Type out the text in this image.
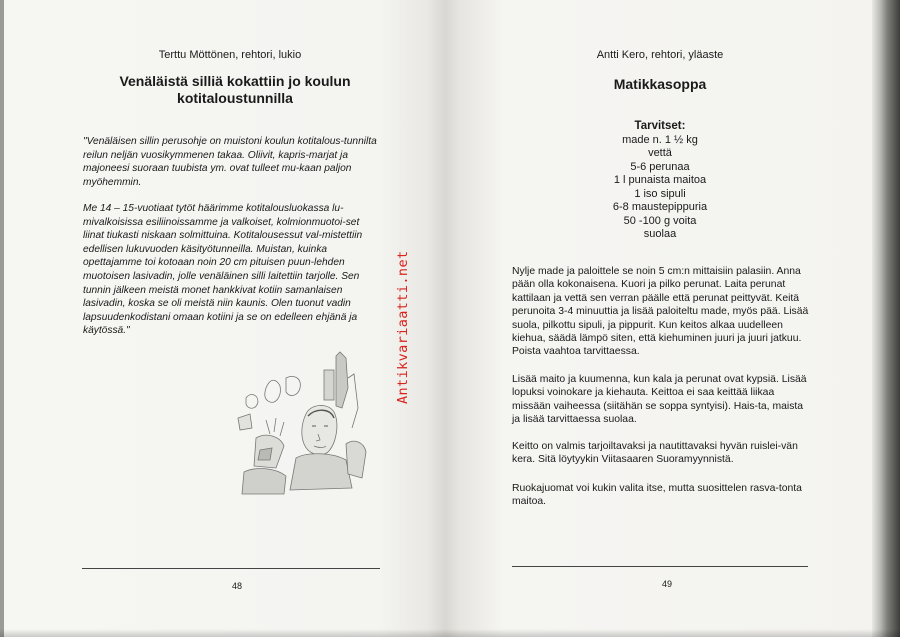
Terttu Möttönen, rehtori, lukio
Venäläistä silliä kokattiin jo koulun
kotitaloustunnilla

"Venäläisen sillin perusohje on muistoni koulun kotitalous-tunnilta reilun neljän vuosikymmenen takaa. Oliivit, kapris-marjat ja majoneesi suoraan tuubista ym. ovat tulleet mu-kaan paljon myöhemmin.

Me 14 – 15-vuotiaat tytöt häärimme kotitalousluokassa lu-mivalkoisissa esiliinoissamme ja valkoiset, kolmionmuotoi-set liinat tiukasti niskaan solmittuina. Kotitalousessut val-mistettiin edellisen lukuvuoden käsityötunneilla. Muistan, kuinka opettajamme toi kotoaan noin 20 cm pituisen puun-lehden muotoisen lasivadin, jolle venäläinen silli laitettiin tarjolle. Sen tunnin jälkeen meistä monet hankkivat kotiin samanlaisen lasivadin, koska se oli meistä niin kaunis. Olen tuonut vadin lapsuudenkodistani omaan kotiini ja se on edelleen ehjänä ja käytössä."

48
Antikvariaatti.net
Antti Kero, rehtori, yläaste
Matikkasoppa
Tarvitset:
made n. 1 ½ kg
vettä
5-6 perunaa
1 l punaista maitoa
1 iso sipuli
6-8 maustepippuria
50 -100 g voita
suolaa

Nylje made ja paloittele se noin 5 cm:n mittaisiin palasiin. Anna pään olla kokonaisena. Kuori ja pilko perunat. Laita perunat kattilaan ja vettä sen verran päälle että perunat peittyvät. Keitä perunoita 3-4 minuuttia ja lisää paloiteltu made, myös pää. Lisää suola, pilkottu sipuli, ja pippurit. Kun keitos alkaa uudelleen kiehua, säädä lämpö siten, että kiehuminen juuri ja juuri jatkuu. Poista vaahtoa tarvittaessa.

Lisää maito ja kuumenna, kun kala ja perunat ovat kypsiä. Lisää lopuksi voinokare ja kiehauta. Keittoa ei saa keittää liikaa missään vaiheessa (siitähän se soppa syntyisi). Hais-ta, maista ja lisää tarvittaessa suolaa.

Keitto on valmis tarjoiltavaksi ja nautittavaksi hyvän ruislei-vän kera. Sitä löytyykin Viitasaaren Suoramyynnistä.

Ruokajuomat voi kukin valita itse, mutta suosittelen rasva-tonta maitoa.

49
